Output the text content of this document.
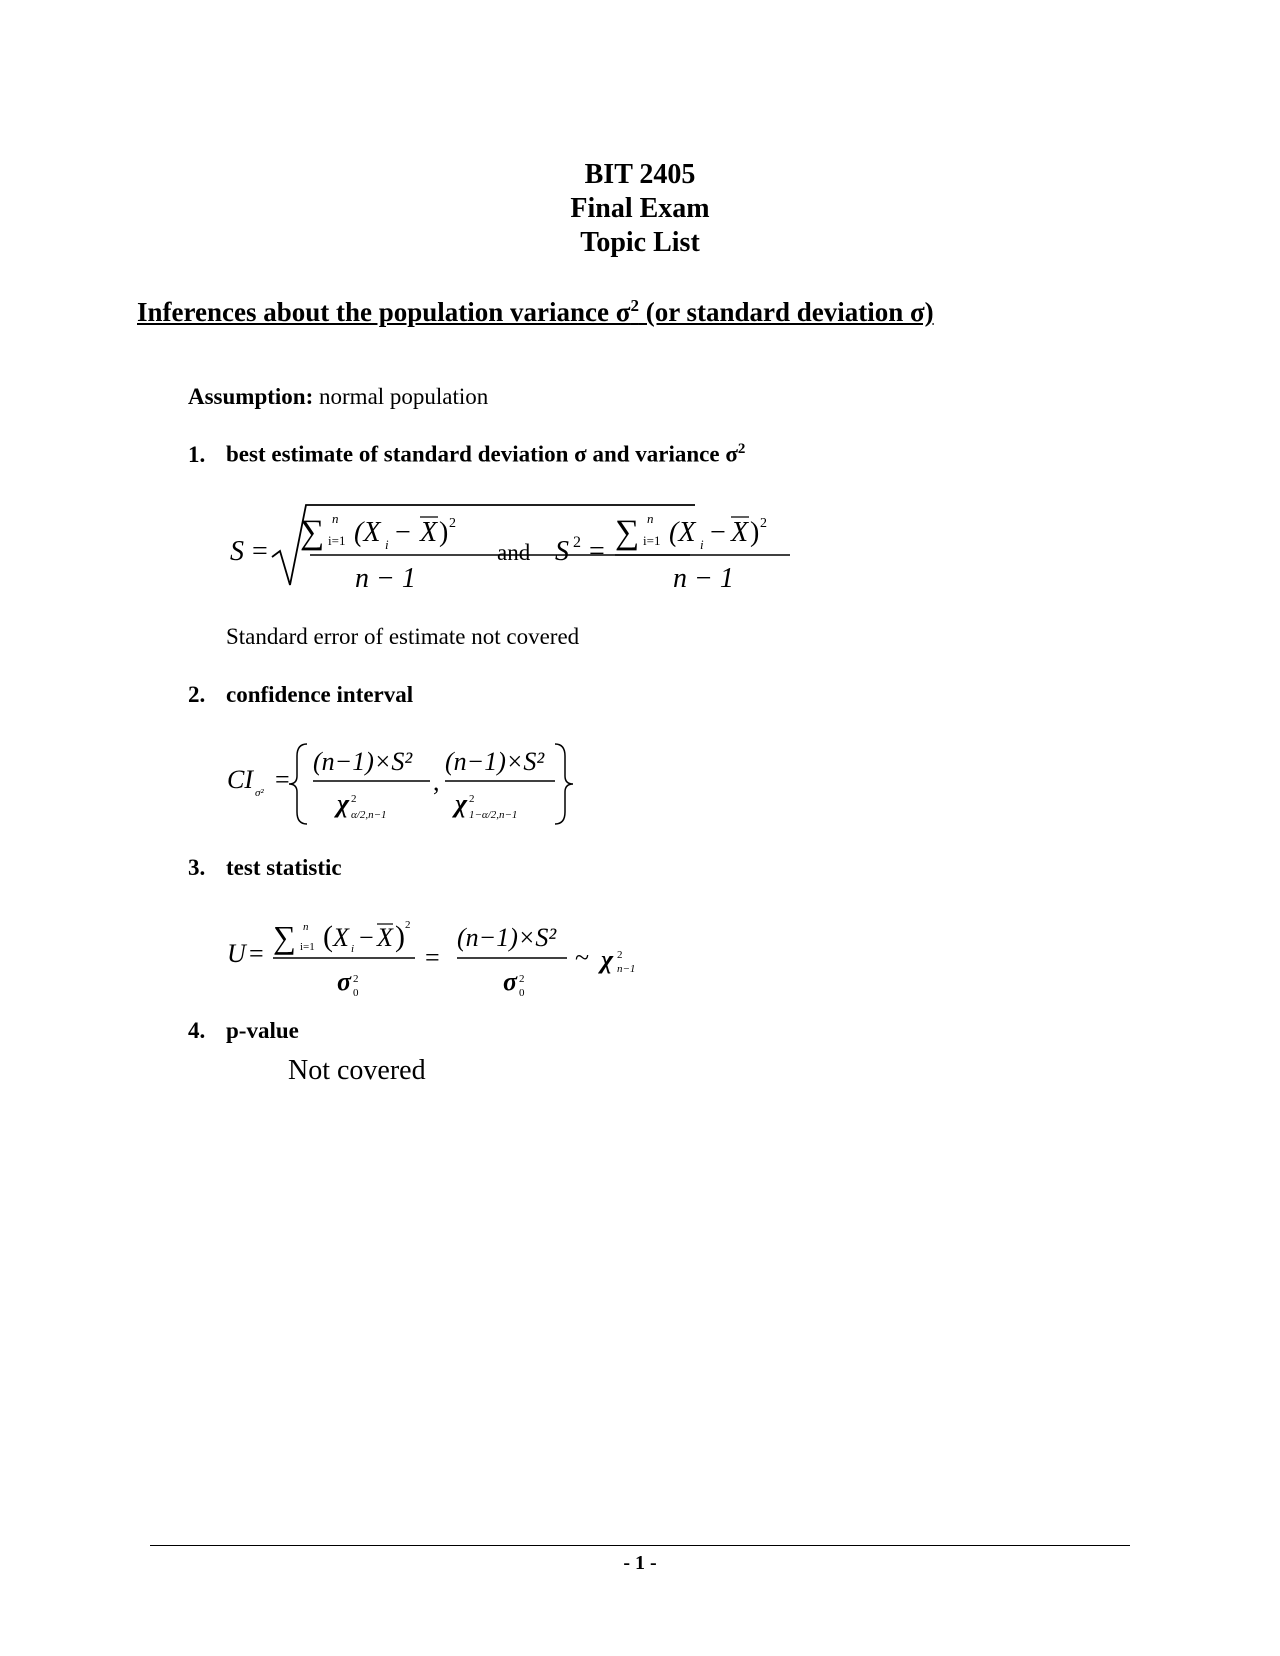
BIT 2405
Final Exam
Topic List
Inferences about the population variance $\sigma^2$ (or standard deviation σ)
Assumption: normal population
1. best estimate of standard deviation σ and variance $\sigma^2$
S =
∑ n
i=1 (X i − X ) 2
n − 1
and S 2 =
∑ n
i=1 (X i − X ) 2
n − 1
Standard error of estimate not covered
2. confidence interval
CI σ² =
(n−1)×S²
χ 2
α/2,n−1
,
(n−1)×S²
χ 2
1−α/2,n−1
3. test statistic
U = ∑ n
i=1 ( X i − X ) 2
σ 2
0
=
(n−1)×S²
σ 2
0
~ χ 2
n−1
4. p-value
Not covered
- 1 -
